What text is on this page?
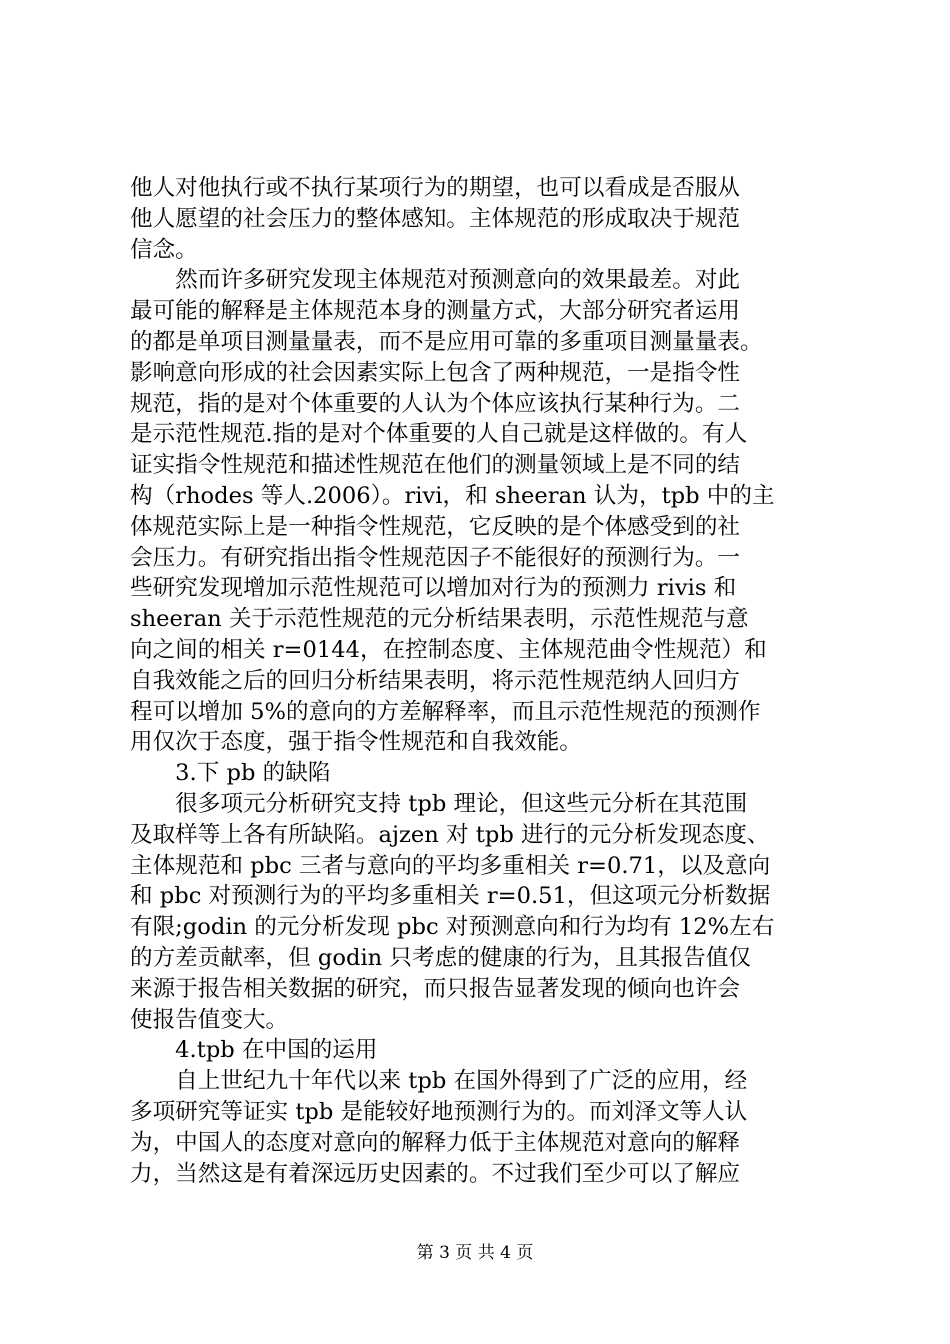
他人对他执行或不执行某项行为的期望，也可以看成是否服从
他人愿望的社会压力的整体感知。主体规范的形成取决于规范
信念。
　　然而许多研究发现主体规范对预测意向的效果最差。对此
最可能的解释是主体规范本身的测量方式，大部分研究者运用
的都是单项目测量量表，而不是应用可靠的多重项目测量量表。
影响意向形成的社会因素实际上包含了两种规范，一是指令性
规范，指的是对个体重要的人认为个体应该执行某种行为。二
是示范性规范.指的是对个体重要的人自己就是这样做的。有人
证实指令性规范和描述性规范在他们的测量领域上是不同的结
构（rhodes 等人.2006）。rivi，和 sheeran 认为，tpb 中的主
体规范实际上是一种指令性规范，它反映的是个体感受到的社
会压力。有研究指出指令性规范因子不能很好的预测行为。一
些研究发现增加示范性规范可以增加对行为的预测力 rivis 和
sheeran 关于示范性规范的元分析结果表明，示范性规范与意
向之间的相关 r=0144，在控制态度、主体规范曲令性规范）和
自我效能之后的回归分析结果表明，将示范性规范纳人回归方
程可以增加 5%的意向的方差解释率，而且示范性规范的预测作
用仅次于态度，强于指令性规范和自我效能。
　　3.下 pb 的缺陷
　　很多项元分析研究支持 tpb 理论，但这些元分析在其范围
及取样等上各有所缺陷。ajzen 对 tpb 进行的元分析发现态度、
主体规范和 pbc 三者与意向的平均多重相关 r=0.71，以及意向
和 pbc 对预测行为的平均多重相关 r=0.51，但这项元分析数据
有限;godin 的元分析发现 pbc 对预测意向和行为均有 12%左右
的方差贡献率，但 godin 只考虑的健康的行为，且其报告值仅
来源于报告相关数据的研究，而只报告显著发现的倾向也许会
使报告值变大。
　　4.tpb 在中国的运用
　　自上世纪九十年代以来 tpb 在国外得到了广泛的应用，经
多项研究等证实 tpb 是能较好地预测行为的。而刘泽文等人认
为，中国人的态度对意向的解释力低于主体规范对意向的解释
力，当然这是有着深远历史因素的。不过我们至少可以了解应
第 3 页 共 4 页
